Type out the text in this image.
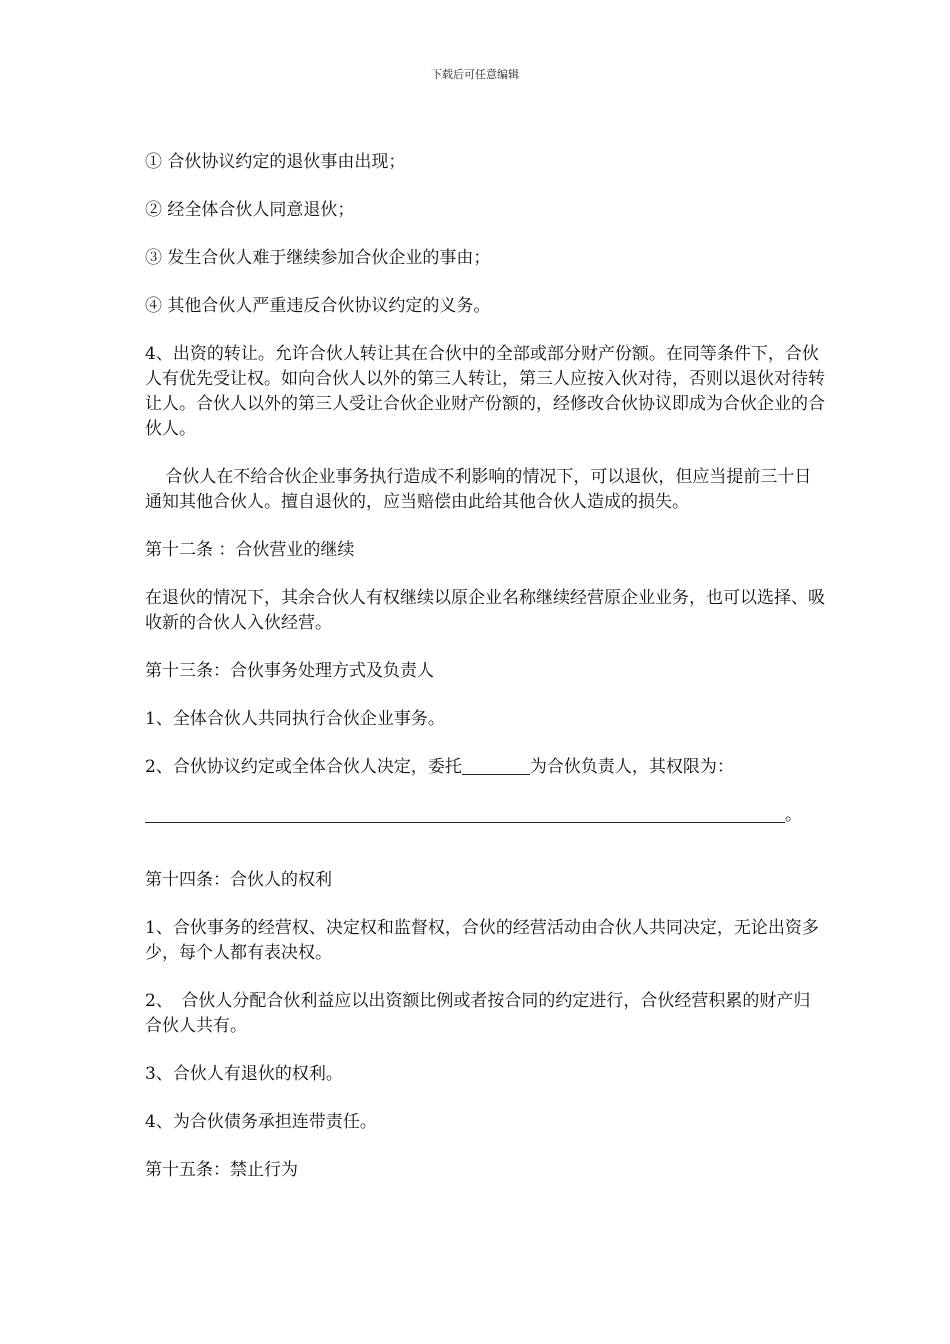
下载后可任意编辑

① 合伙协议约定的退伙事由出现；

② 经全体合伙人同意退伙；

③ 发生合伙人难于继续参加合伙企业的事由；

④ 其他合伙人严重违反合伙协议约定的义务。

4、出资的转让。允许合伙人转让其在合伙中的全部或部分财产份额。在同等条件下，合伙人有优先受让权。如向合伙人以外的第三人转让，第三人应按入伙对待，否则以退伙对待转让人。合伙人以外的第三人受让合伙企业财产份额的，经修改合伙协议即成为合伙企业的合伙人。

合伙人在不给合伙企业事务执行造成不利影响的情况下，可以退伙，但应当提前三十日通知其他合伙人。擅自退伙的，应当赔偿由此给其他合伙人造成的损失。

第十二条 ：合伙营业的继续

在退伙的情况下，其余合伙人有权继续以原企业名称继续经营原企业业务，也可以选择、吸收新的合伙人入伙经营。

第十三条：合伙事务处理方式及负责人

1、全体合伙人共同执行合伙企业事务。

2、合伙协议约定或全体合伙人决定，委托	为合伙负责人，其权限为：

。

第十四条：合伙人的权利

1、合伙事务的经营权、决定权和监督权，合伙的经营活动由合伙人共同决定，无论出资多少，每个人都有表决权。

2、　合伙人分配合伙利益应以出资额比例或者按合同的约定进行，合伙经营积累的财产归合伙人共有。

3、合伙人有退伙的权利。

4、为合伙债务承担连带责任。

第十五条：禁止行为
